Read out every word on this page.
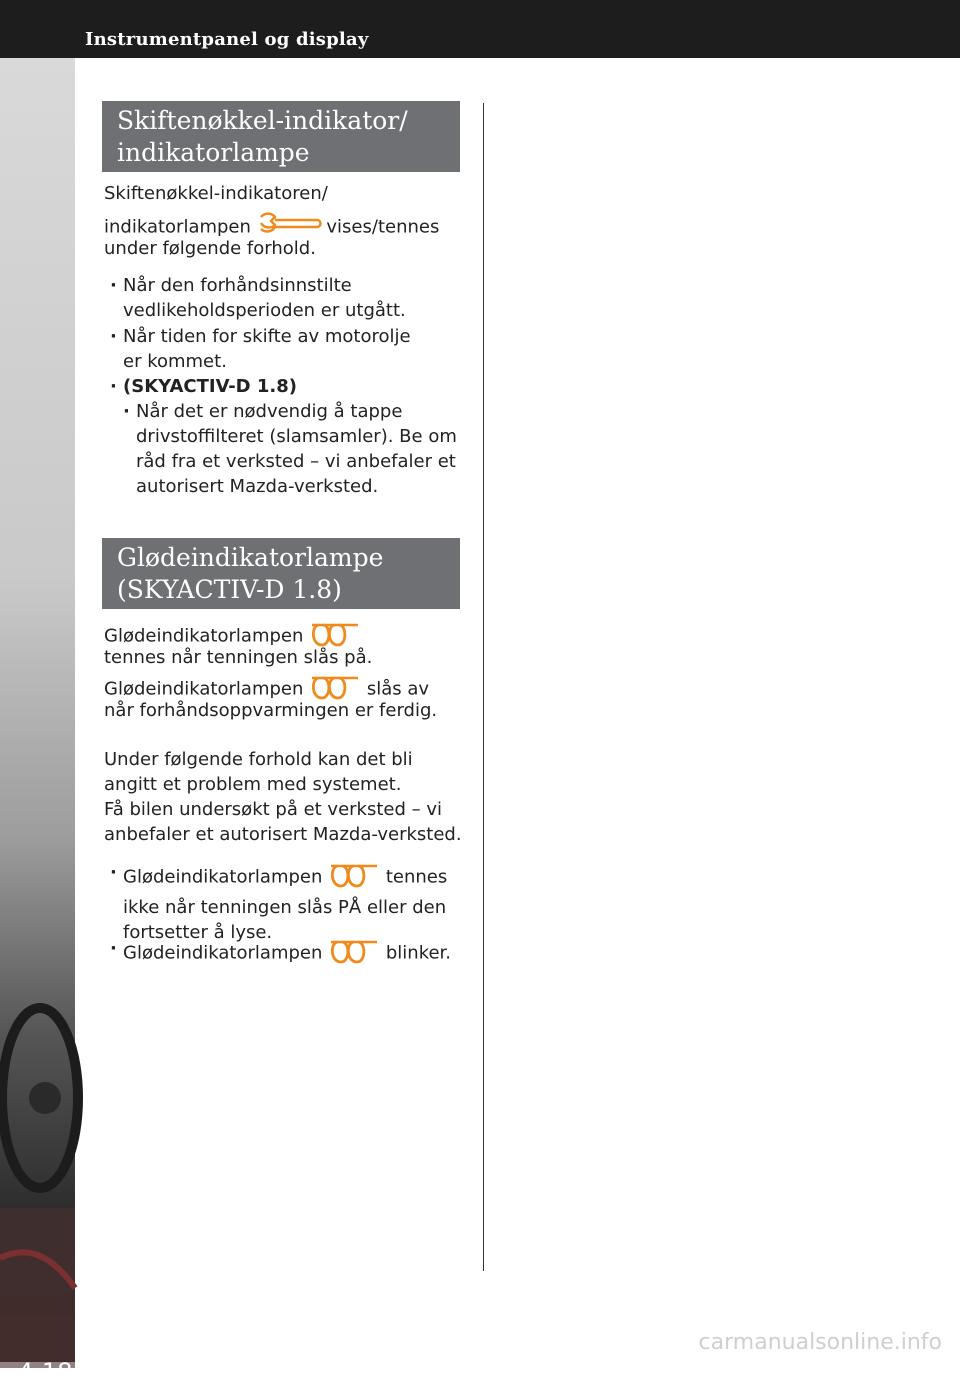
Instrumentpanel og display
4-18
Skiftenøkkel-indikator/
indikatorlampe
Skiftenøkkel-indikatoren/
indikatorlampen	vises/tennes
under følgende forhold.
· Når den forhåndsinnstilte
vedlikeholdsperioden er utgått.
· Når tiden for skifte av motorolje
er kommet.
· (SKYACTIV-D 1.8)
· Når det er nødvendig å tappe
drivstoffilteret (slamsamler). Be om
råd fra et verksted – vi anbefaler et
autorisert Mazda-verksted.
Glødeindikatorlampe
(SKYACTIV-D 1.8)
Glødeindikatorlampen
tennes når tenningen slås på.
Glødeindikatorlampen	slås av
når forhåndsoppvarmingen er ferdig.
Under følgende forhold kan det bli
angitt et problem med systemet.
Få bilen undersøkt på et verksted – vi
anbefaler et autorisert Mazda-verksted.
· Glødeindikatorlampen	tennes
ikke når tenningen slås PÅ eller den
fortsetter å lyse.
· Glødeindikatorlampen	blinker.
carmanualsonline.info
